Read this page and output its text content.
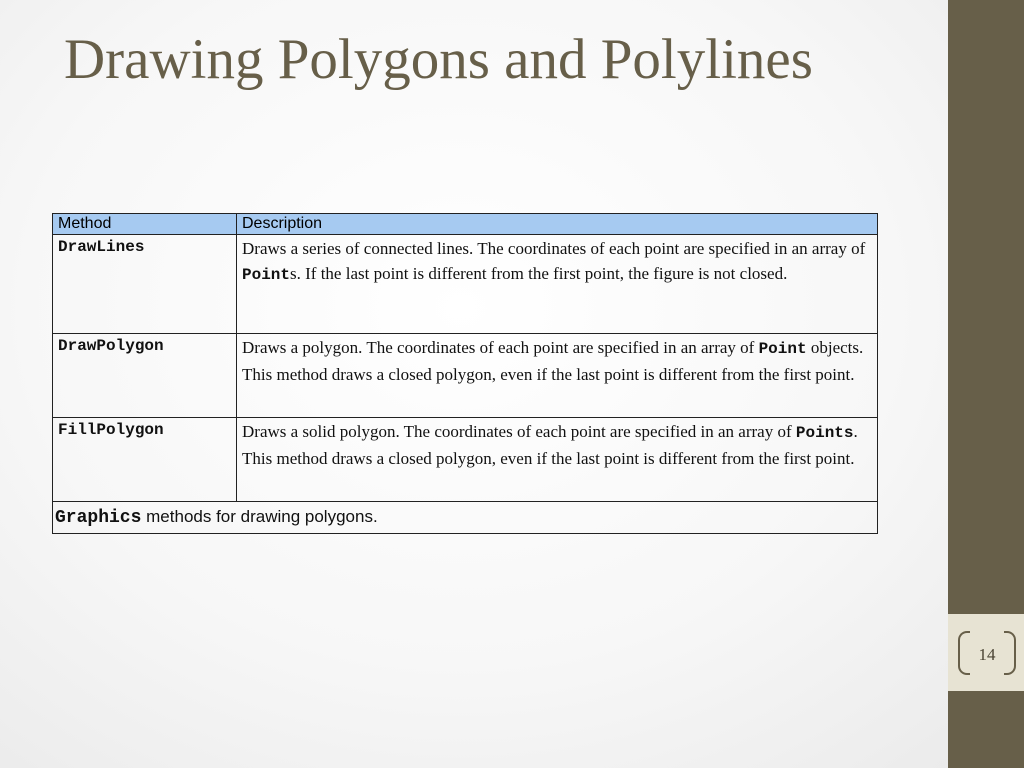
14
Drawing Polygons and Polylines
Method	Description
DrawLines	Draws a series of connected lines. The coordinates of each point are specified in an array of Points. If the last point is different from the first point, the figure is not closed.
DrawPolygon	Draws a polygon. The coordinates of each point are specified in an array of Point objects. This method draws a closed polygon, even if the last point is different from the first point.
FillPolygon	Draws a solid polygon. The coordinates of each point are specified in an array of Points. This method draws a closed polygon, even if the last point is different from the first point.
Graphics methods for drawing polygons.	
